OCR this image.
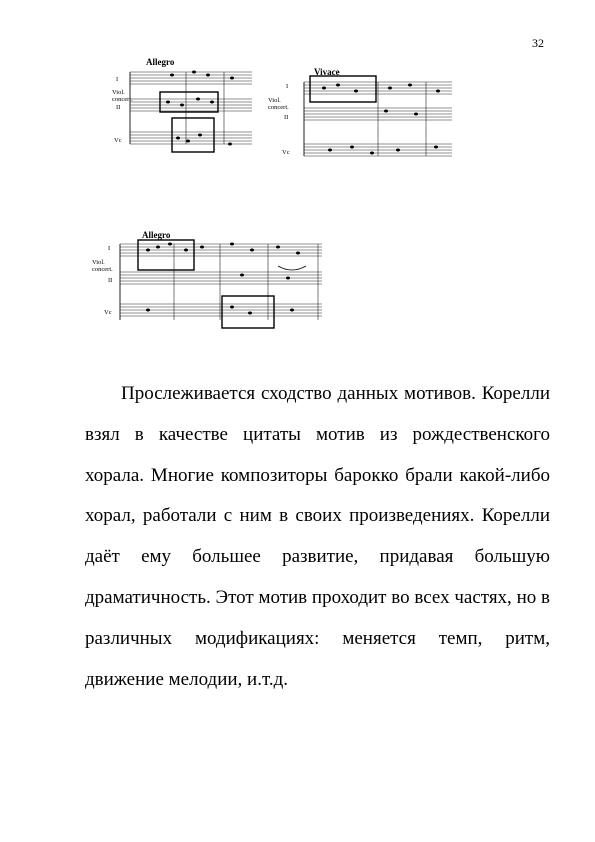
32
Allegro
I
Viol.
concert.
II
Vc
Vivace
I
Viol.
concert.
II
Vc
Allegro
I
Viol.
concert.
II
Vc

Прослеживается сходство данных мотивов. Корелли взял в качестве цитаты мотив из рождественского хорала. Многие композиторы барокко брали какой-либо хорал, работали с ним в своих произведениях. Корелли даёт ему большее развитие, придавая большую драматичность. Этот мотив проходит во всех частях, но в различных модификациях: меняется темп, ритм, движение мелодии, и.т.д.
